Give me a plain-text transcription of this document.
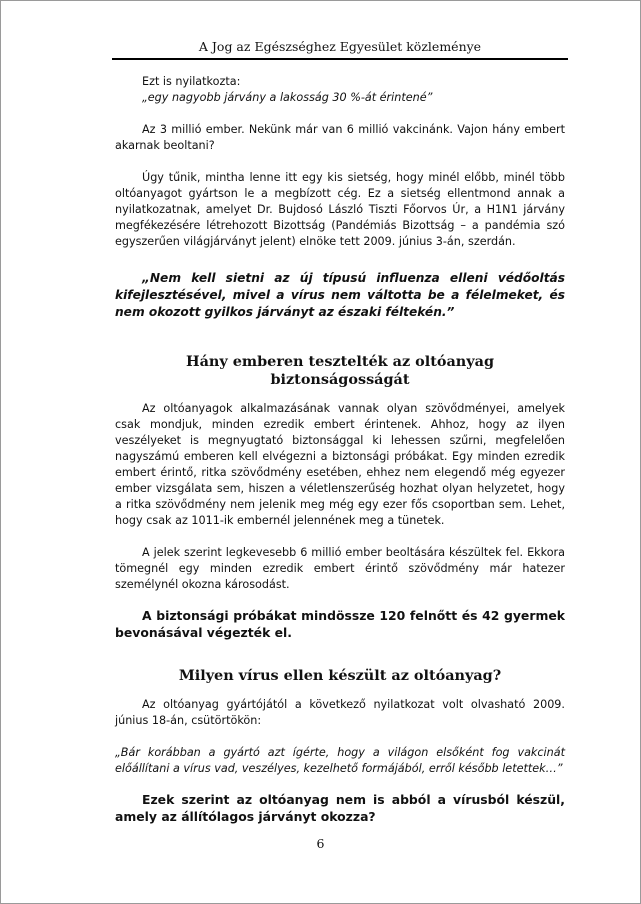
A Jog az Egészséghez Egyesület közleménye

Ezt is nyilatkozta:

„egy nagyobb járvány a lakosság 30 %-át érintené”

Az 3 millió ember. Nekünk már van 6 millió vakcinánk. Vajon hány embert akarnak beoltani?

Úgy tűnik, mintha lenne itt egy kis sietség, hogy minél előbb, minél több oltóanyagot gyártson le a megbízott cég. Ez a sietség ellentmond annak a nyilatkozatnak, amelyet Dr. Bujdosó László Tiszti Főorvos Úr, a H1N1 járvány megfékezésére létrehozott Bizottság (Pandémiás Bizottság – a pandémia szó egyszerűen világjárványt jelent) elnöke tett 2009. június 3-án, szerdán.

„Nem kell sietni az új típusú influenza elleni védőoltás kifejlesztésével, mivel a vírus nem váltotta be a félelmeket, és nem okozott gyilkos járványt az északi féltekén.”

Hány emberen tesztelték az oltóanyag biztonságosságát

Az oltóanyagok alkalmazásának vannak olyan szövődményei, amelyek csak mondjuk, minden ezredik embert érintenek. Ahhoz, hogy az ilyen veszélyeket is megnyugtató biztonsággal ki lehessen szűrni, megfelelően nagyszámú emberen kell elvégezni a biztonsági próbákat. Egy minden ezredik embert érintő, ritka szövődmény esetében, ehhez nem elegendő még egyezer ember vizsgálata sem, hiszen a véletlenszerűség hozhat olyan helyzetet, hogy a ritka szövődmény nem jelenik meg még egy ezer fős csoportban sem. Lehet, hogy csak az 1011-ik embernél jelennének meg a tünetek.

A jelek szerint legkevesebb 6 millió ember beoltására készültek fel. Ekkora tömegnél egy minden ezredik embert érintő szövődmény már hatezer személynél okozna károsodást.

A biztonsági próbákat mindössze 120 felnőtt és 42 gyermek bevonásával végezték el.

Milyen vírus ellen készült az oltóanyag?

Az oltóanyag gyártójától a következő nyilatkozat volt olvasható 2009. június 18-án, csütörtökön:

„Bár korábban a gyártó azt ígérte, hogy a világon elsőként fog vakcinát előállítani a vírus vad, veszélyes, kezelhető formájából, erről később letettek…”

Ezek szerint az oltóanyag nem is abból a vírusból készül, amely az állítólagos járványt okozza?

6
